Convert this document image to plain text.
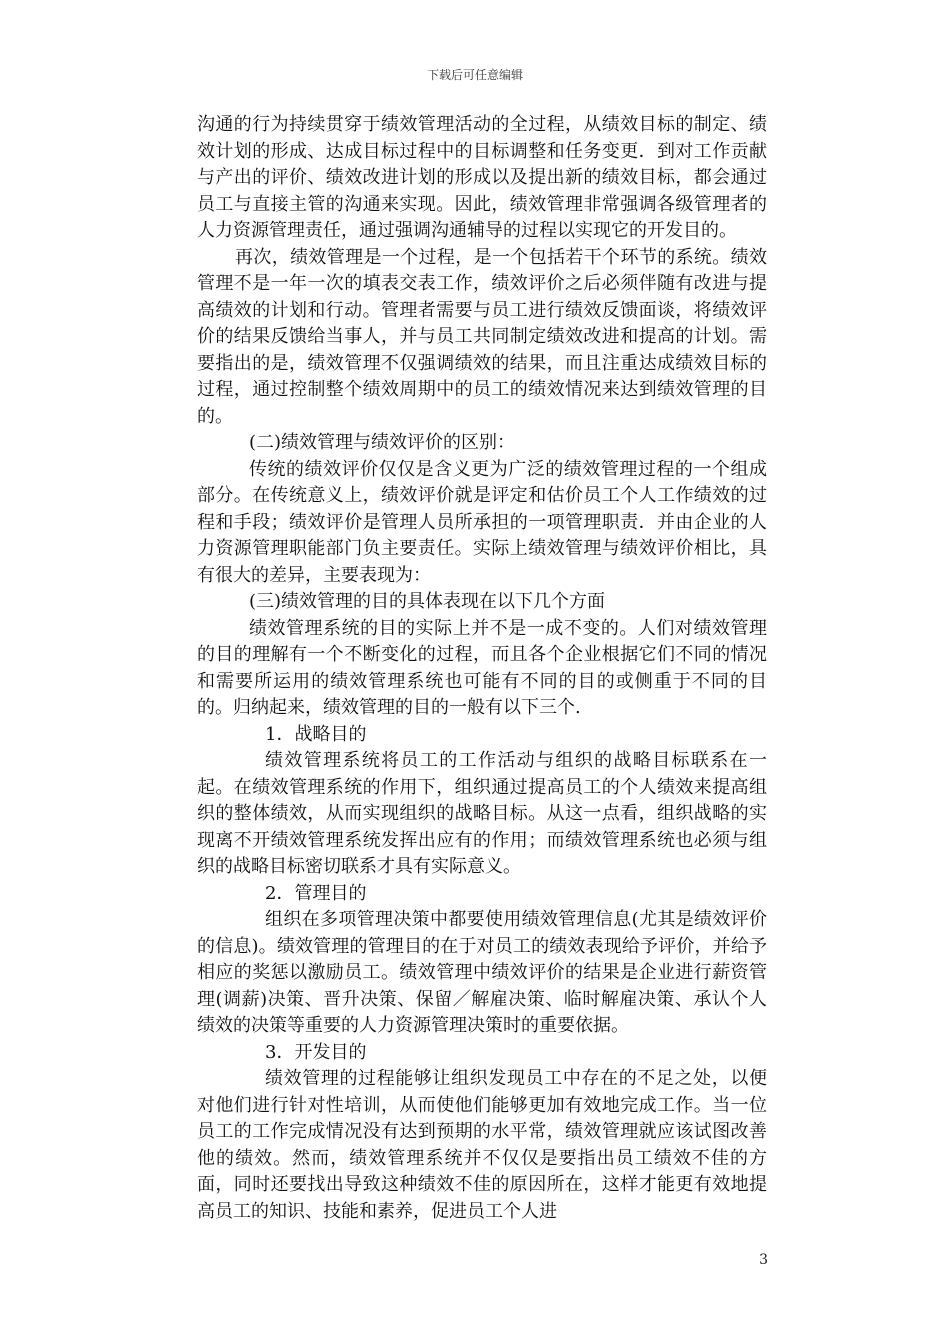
下载后可任意编辑

沟通的行为持续贯穿于绩效管理活动的全过程，从绩效目标的制定、绩效计划的形成、达成目标过程中的目标调整和任务变更．到对工作贡献与产出的评价、绩效改进计划的形成以及提出新的绩效目标，都会通过员工与直接主管的沟通来实现。因此，绩效管理非常强调各级管理者的人力资源管理责任，通过强调沟通辅导的过程以实现它的开发目的。

再次，绩效管理是一个过程，是一个包括若干个环节的系统。绩效管理不是一年一次的填表交表工作，绩效评价之后必须伴随有改进与提高绩效的计划和行动。管理者需要与员工进行绩效反馈面谈，将绩效评价的结果反馈给当事人，并与员工共同制定绩效改进和提高的计划。需要指出的是，绩效管理不仅强调绩效的结果，而且注重达成绩效目标的过程，通过控制整个绩效周期中的员工的绩效情况来达到绩效管理的目的。

(二)绩效管理与绩效评价的区别：

传统的绩效评价仅仅是含义更为广泛的绩效管理过程的一个组成部分。在传统意义上，绩效评价就是评定和估价员工个人工作绩效的过程和手段；绩效评价是管理人员所承担的一项管理职责．并由企业的人力资源管理职能部门负主要责任。实际上绩效管理与绩效评价相比，具有很大的差异，主要表现为：

(三)绩效管理的目的具体表现在以下几个方面

绩效管理系统的目的实际上并不是一成不变的。人们对绩效管理的目的理解有一个不断变化的过程，而且各个企业根据它们不同的情况和需要所运用的绩效管理系统也可能有不同的目的或侧重于不同的目的。归纳起来，绩效管理的目的一般有以下三个.

1．战略目的

绩效管理系统将员工的工作活动与组织的战略目标联系在一起。在绩效管理系统的作用下，组织通过提高员工的个人绩效来提高组织的整体绩效，从而实现组织的战略目标。从这一点看，组织战略的实现离不开绩效管理系统发挥出应有的作用；而绩效管理系统也必须与组织的战略目标密切联系才具有实际意义。

2．管理目的

组织在多项管理决策中都要使用绩效管理信息(尤其是绩效评价的信息)。绩效管理的管理目的在于对员工的绩效表现给予评价，并给予相应的奖惩以激励员工。绩效管理中绩效评价的结果是企业进行薪资管理(调薪)决策、晋升决策、保留／解雇决策、临时解雇决策、承认个人绩效的决策等重要的人力资源管理决策时的重要依据。

3．开发目的

绩效管理的过程能够让组织发现员工中存在的不足之处，以便对他们进行针对性培训，从而使他们能够更加有效地完成工作。当一位员工的工作完成情况没有达到预期的水平常，绩效管理就应该试图改善他的绩效。然而，绩效管理系统并不仅仅是要指出员工绩效不佳的方面，同时还要找出导致这种绩效不佳的原因所在，这样才能更有效地提高员工的知识、技能和素养，促进员工个人进

3
